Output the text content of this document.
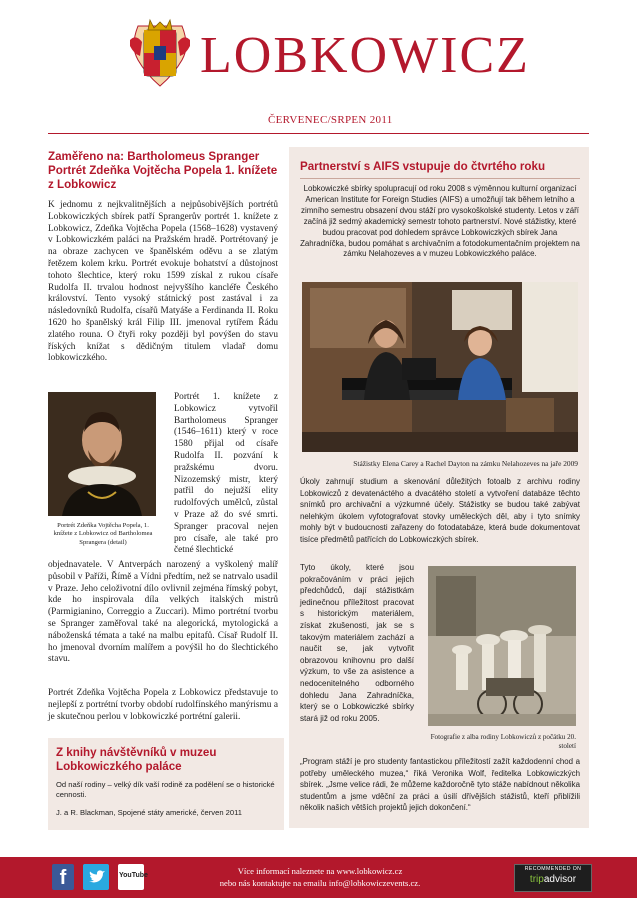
LOBKOWICZ
ČERVENEC/SRPEN 2011
Zaměřeno na: Bartholomeus Spranger Portrét Zdeňka Vojtěcha Popela 1. knížete z Lobkowicz
K jednomu z nejkvalitnějších a nejpůsobivějších portrétů Lobkowiczkých sbírek patří Sprangerův portrét 1. knížete z Lobkowicz, Zdeňka Vojtěcha Popela (1568–1628) vystavený v Lobkowiczkém paláci na Pražském hradě. Portrétovaný je na obraze zachycen ve španělském oděvu a se zlatým řetězem kolem krku. Portrét evokuje bohatství a důstojnost tohoto šlechtice, který roku 1599 získal z rukou císaře Rudolfa II. trvalou hodnost nejvyššího kancléře Českého království. Tento vysoký státnický post zastával i za následovníků Rudolfa, císařů Matyáše a Ferdinanda II. Roku 1620 ho španělský král Filip III. jmenoval rytířem Řádu zlatého rouna. O čtyři roky později byl povýšen do stavu říských knížat s dědičným titulem vladař domu lobkowiczkého.
Portrét Zdeňka Vojtěcha Popela, 1. knížete z Lobkowicz od Bartholomea Sprangera (detail)
Portrét 1. knížete z Lobkowicz vytvořil Bartholomeus Spranger (1546–1611) který v roce 1580 přijal od císaře Rudolfa II. pozvání k pražskému dvoru. Nizozemský mistr, který patřil do nejužší elity rudolfových umělců, zůstal v Praze až do své smrti. Spranger pracoval nejen pro císaře, ale také pro četné šlechtické
objednavatele. V Antverpách narozený a vyškolený malíř působil v Paříži, Římě a Vídni předtím, než se natrvalo usadil v Praze. Jeho celoživotní dílo ovlivnil zejména římský pobyt, kde ho inspirovala díla velkých italských mistrů (Parmigianino, Correggio a Zuccari). Mimo portrétní tvorbu se Spranger zaměřoval také na alegorická, mytologická a náboženská témata a také na malbu epitafů. Císař Rudolf II. ho jmenoval dvorním malířem a povýšil ho do šlechtického stavu.
Portrét Zdeňka Vojtěcha Popela z Lobkowicz představuje to nejlepší z portrétní tvorby období rudolfínského manýrismu a je skutečnou perlou v lobkowiczké portrétní galerii.
Z knihy návštěvníků v muzeu Lobkowiczkého paláce
Od naší rodiny – velký dík vaší rodině za podělení se o historické cennosti.
J. a R. Blackman, Spojené státy americké, červen 2011
Partnerství s AIFS vstupuje do čtvrtého roku
Lobkowiczké sbírky spolupracují od roku 2008 s výměnnou kulturní organizací American Institute for Foreign Studies (AIFS) a umožňují tak během letního a zimního semestru obsazení dvou stáží pro vysokoškolské studenty. Letos v září začíná již sedmý akademický semestr tohoto partnerství. Nové stážistky, které budou pracovat pod dohledem správce Lobkowiczkých sbírek Jana Zahradníčka, budou pomáhat s archivačním a fotodokumentačním projektem na zámku Nelahozeves a v muzeu Lobkowiczkého paláce.
Stážistky Elena Carey a Rachel Dayton na zámku Nelahozeves na jaře 2009
Úkoly zahrnují studium a skenování důležitých fotoalb z archivu rodiny Lobkowiczů z devatenáctého a dvacátého století a vytvoření databáze těchto snímků pro archivační a výzkumné účely. Stážistky se budou také zabývat nelehkým úkolem vyfotografovat stovky uměleckých děl, aby i tyto snímky mohly být v budoucnosti zařazeny do fotodatabáze, která bude dokumentovat tisíce předmětů patřících do Lobkowiczkých sbírek.
Tyto úkoly, které jsou pokračováním v práci jejich předchůdců, dají stážistkám jedinečnou příležitost pracovat s historickým materiálem, získat zkušenosti, jak se s takovým materiálem zachází a naučit se, jak vytvořit obrazovou knihovnu pro další výzkum, to vše za asistence a nedocenitelného odborného dohledu Jana Zahradníčka, který se o Lobkowiczké sbírky stará již od roku 2005.
Fotografie z alba rodiny Lobkowiczů z počátku 20. století
„Program stáží je pro studenty fantastickou příležitostí zažít každodenní chod a potřeby uměleckého muzea,“ říká Veronika Wolf, ředitelka Lobkowiczkých sbírek. „Jsme velice rádi, že můžeme každoročně tyto stáže nabídnout několika studentům a jsme vděční za práci a úsilí dřívějších stážistů, kteří přiblížili několik našich větších projektů jejich dokončení.“
f	YouTube	Více informací naleznete na www.lobkowicz.cz
nebo nás kontaktujte na emailu info@lobkowiczevents.cz.
RECOMMENDED ON
tripadvisor
